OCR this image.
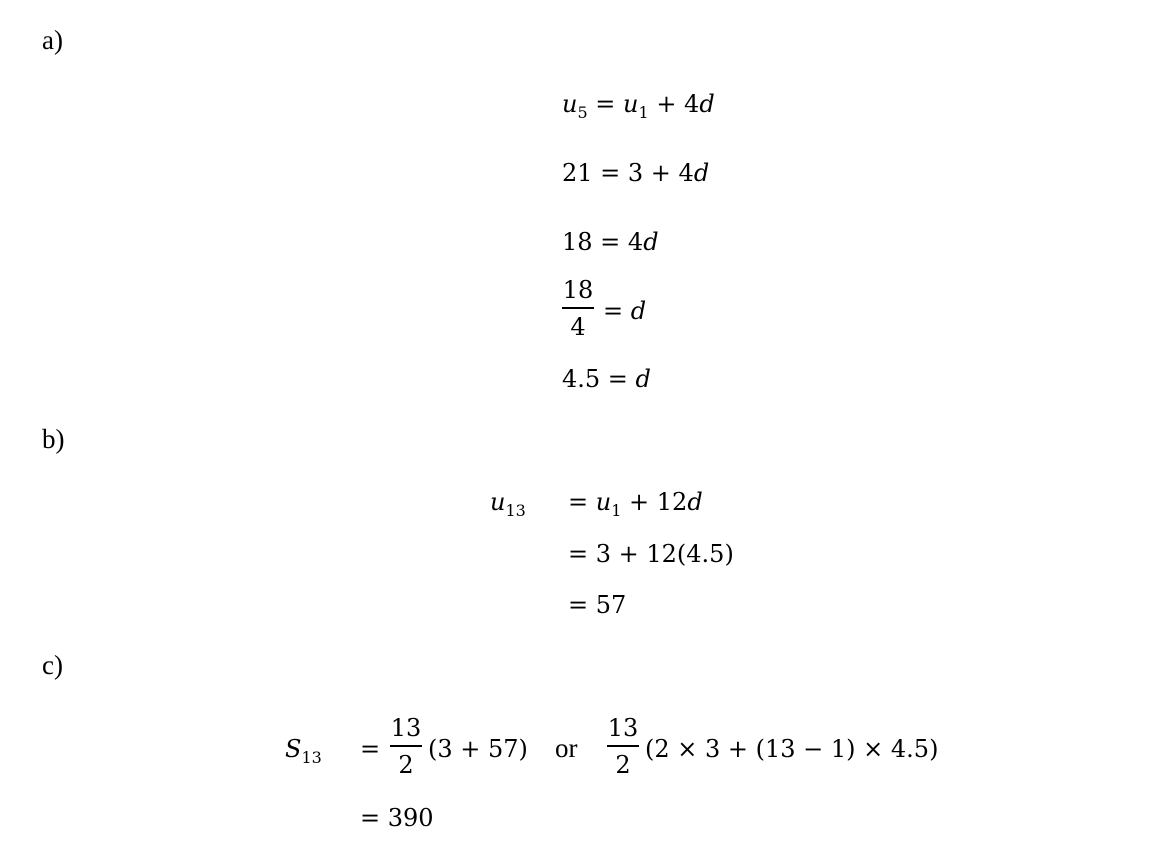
a)
$u_5 = u_1 + 4d$
21 = 3 + 4d
18 = 4d
18
4
= d
4.5 = d
b)
$u_{13} = u_1 + 12d$
= 3 + 12(4.5)
= 57
c)
$S_{13}$ =
13
2
(3 + 57) or
13
2
(2 × 3 + (13 − 1) × 4.5)
= 390
